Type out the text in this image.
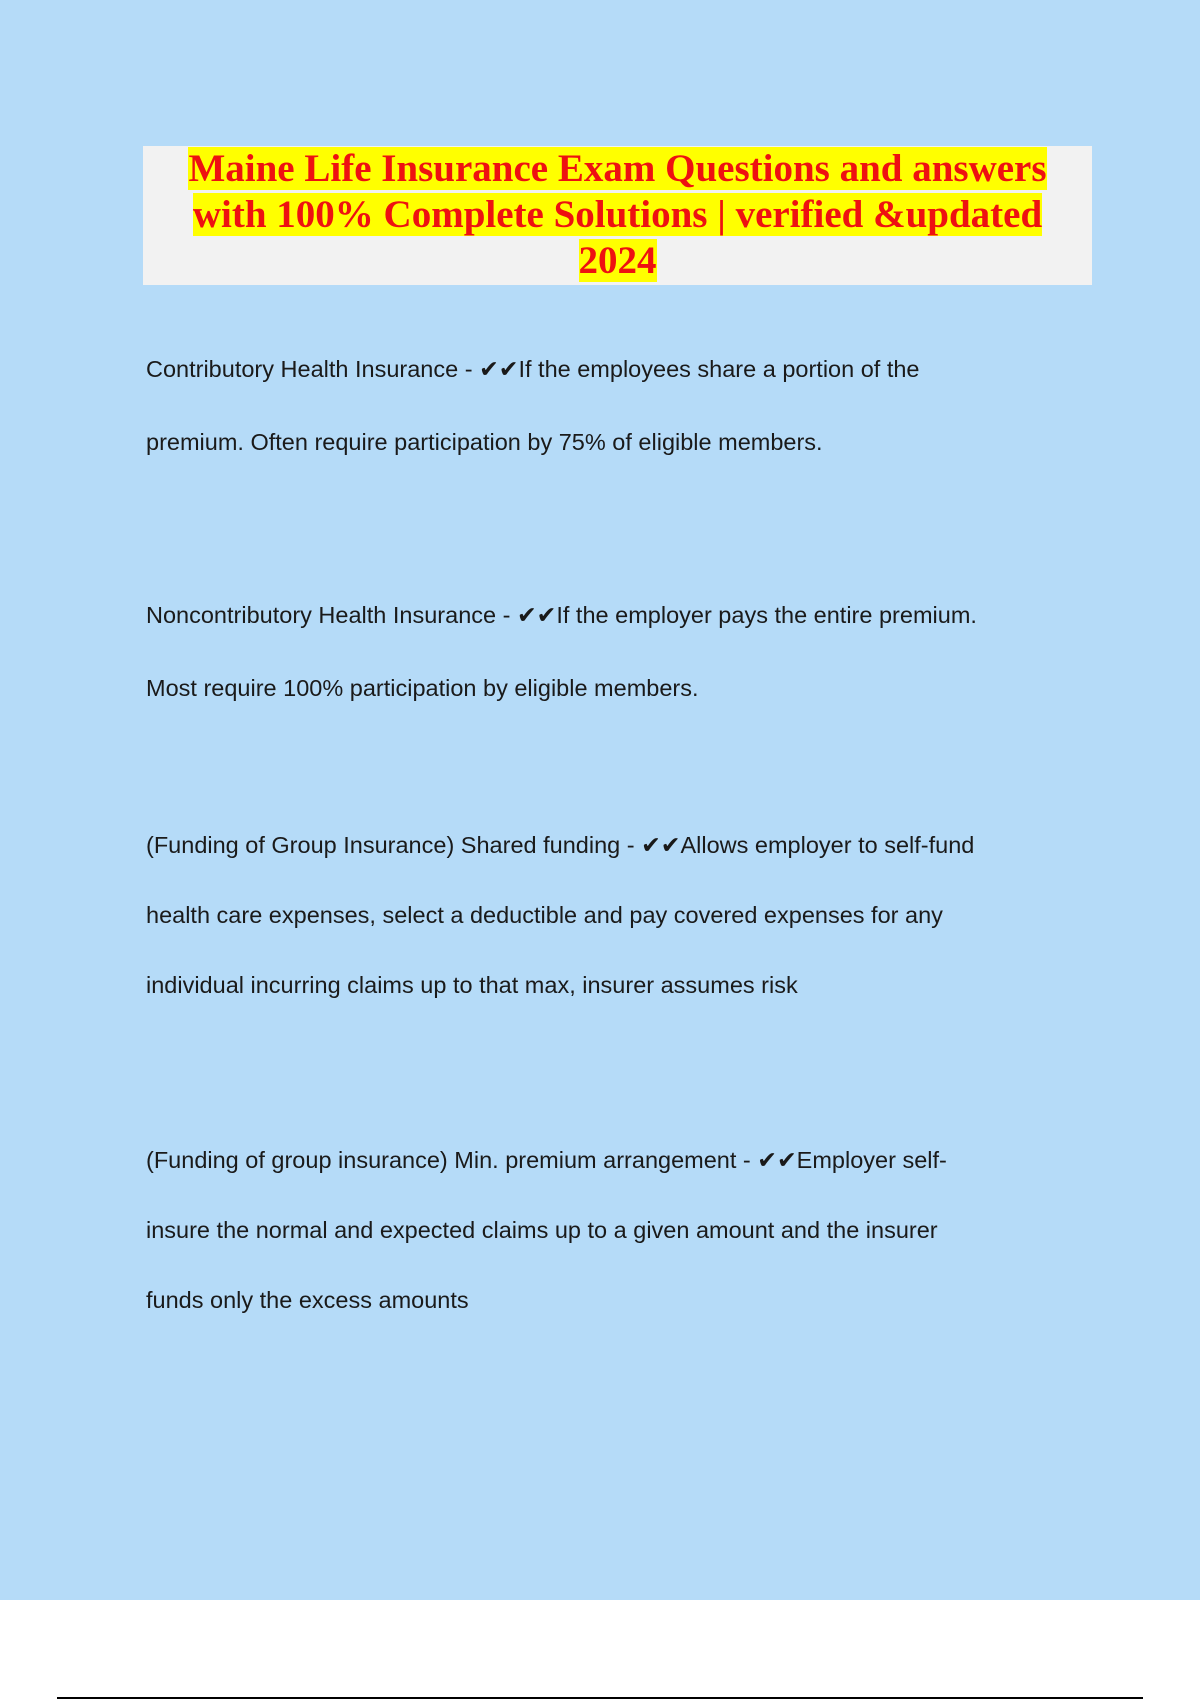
Maine Life Insurance Exam Questions and answers
with 100% Complete Solutions | verified &updated
2024
Contributory Health Insurance - ✔✔If the employees share a portion of the
premium. Often require participation by 75% of eligible members.
Noncontributory Health Insurance - ✔✔If the employer pays the entire premium.
Most require 100% participation by eligible members.
(Funding of Group Insurance) Shared funding - ✔✔Allows employer to self-fund
health care expenses, select a deductible and pay covered expenses for any
individual incurring claims up to that max, insurer assumes risk
(Funding of group insurance) Min. premium arrangement - ✔✔Employer self-
insure the normal and expected claims up to a given amount and the insurer
funds only the excess amounts
